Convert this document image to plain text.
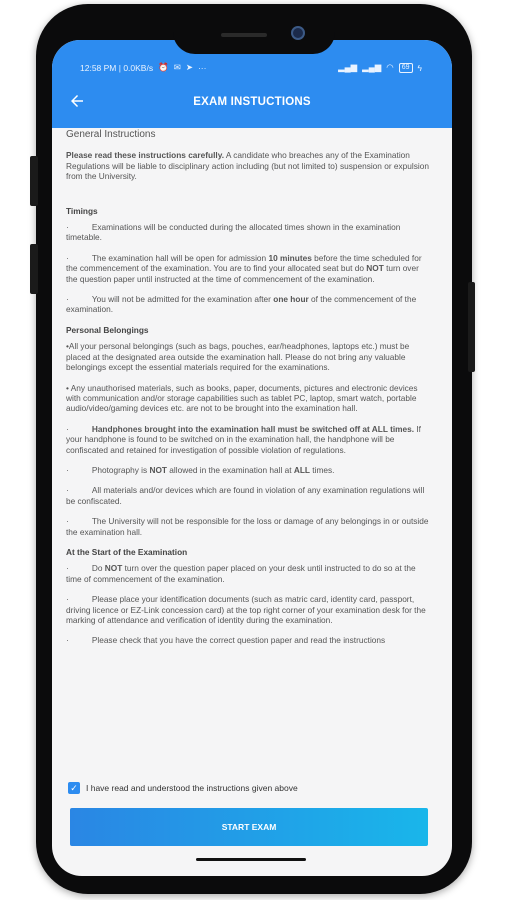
12:58 PM | 0.0KB/s ⏰ ✉ ➤ ···	▂▄▆ ▂▄▆ ◠	69 ϟ
EXAM INSTUCTIONS
General Instructions

Please read these instructions carefully. A candidate who breaches any of the Examination Regulations will be liable to disciplinary action including (but not limited to) suspension or expulsion from the University.

Timings

·          Examinations will be conducted during the allocated times shown in the examination timetable.

·          The examination hall will be open for admission 10 minutes before the time scheduled for the commencement of the examination. You are to find your allocated seat but do NOT turn over the question paper until instructed at the time of commencement of the examination.

·          You will not be admitted for the examination after one hour of the commencement of the examination.

Personal Belongings

•All your personal belongings (such as bags, pouches, ear/headphones, laptops etc.) must be placed at the designated area outside the examination hall. Please do not bring any valuable belongings except the essential materials required for the examinations.

• Any unauthorised materials, such as books, paper, documents, pictures and electronic devices with communication and/or storage capabilities such as tablet PC, laptop, smart watch, portable audio/video/gaming devices etc. are not to be brought into the examination hall.

·          Handphones brought into the examination hall must be switched off at ALL times. If your handphone is found to be switched on in the examination hall, the handphone will be confiscated and retained for investigation of possible violation of regulations.

·          Photography is NOT allowed in the examination hall at ALL times.

·          All materials and/or devices which are found in violation of any examination regulations will be confiscated.

·          The University will not be responsible for the loss or damage of any belongings in or outside the examination hall.

At the Start of the Examination

·          Do NOT turn over the question paper placed on your desk until instructed to do so at the time of commencement of the examination.

·          Please place your identification documents (such as matric card, identity card, passport, driving licence or EZ-Link concession card) at the top right corner of your examination desk for the marking of attendance and verification of identity during the examination.

·          Please check that you have the correct question paper and read the instructions

✓ I have read and understood the instructions given above
START EXAM
